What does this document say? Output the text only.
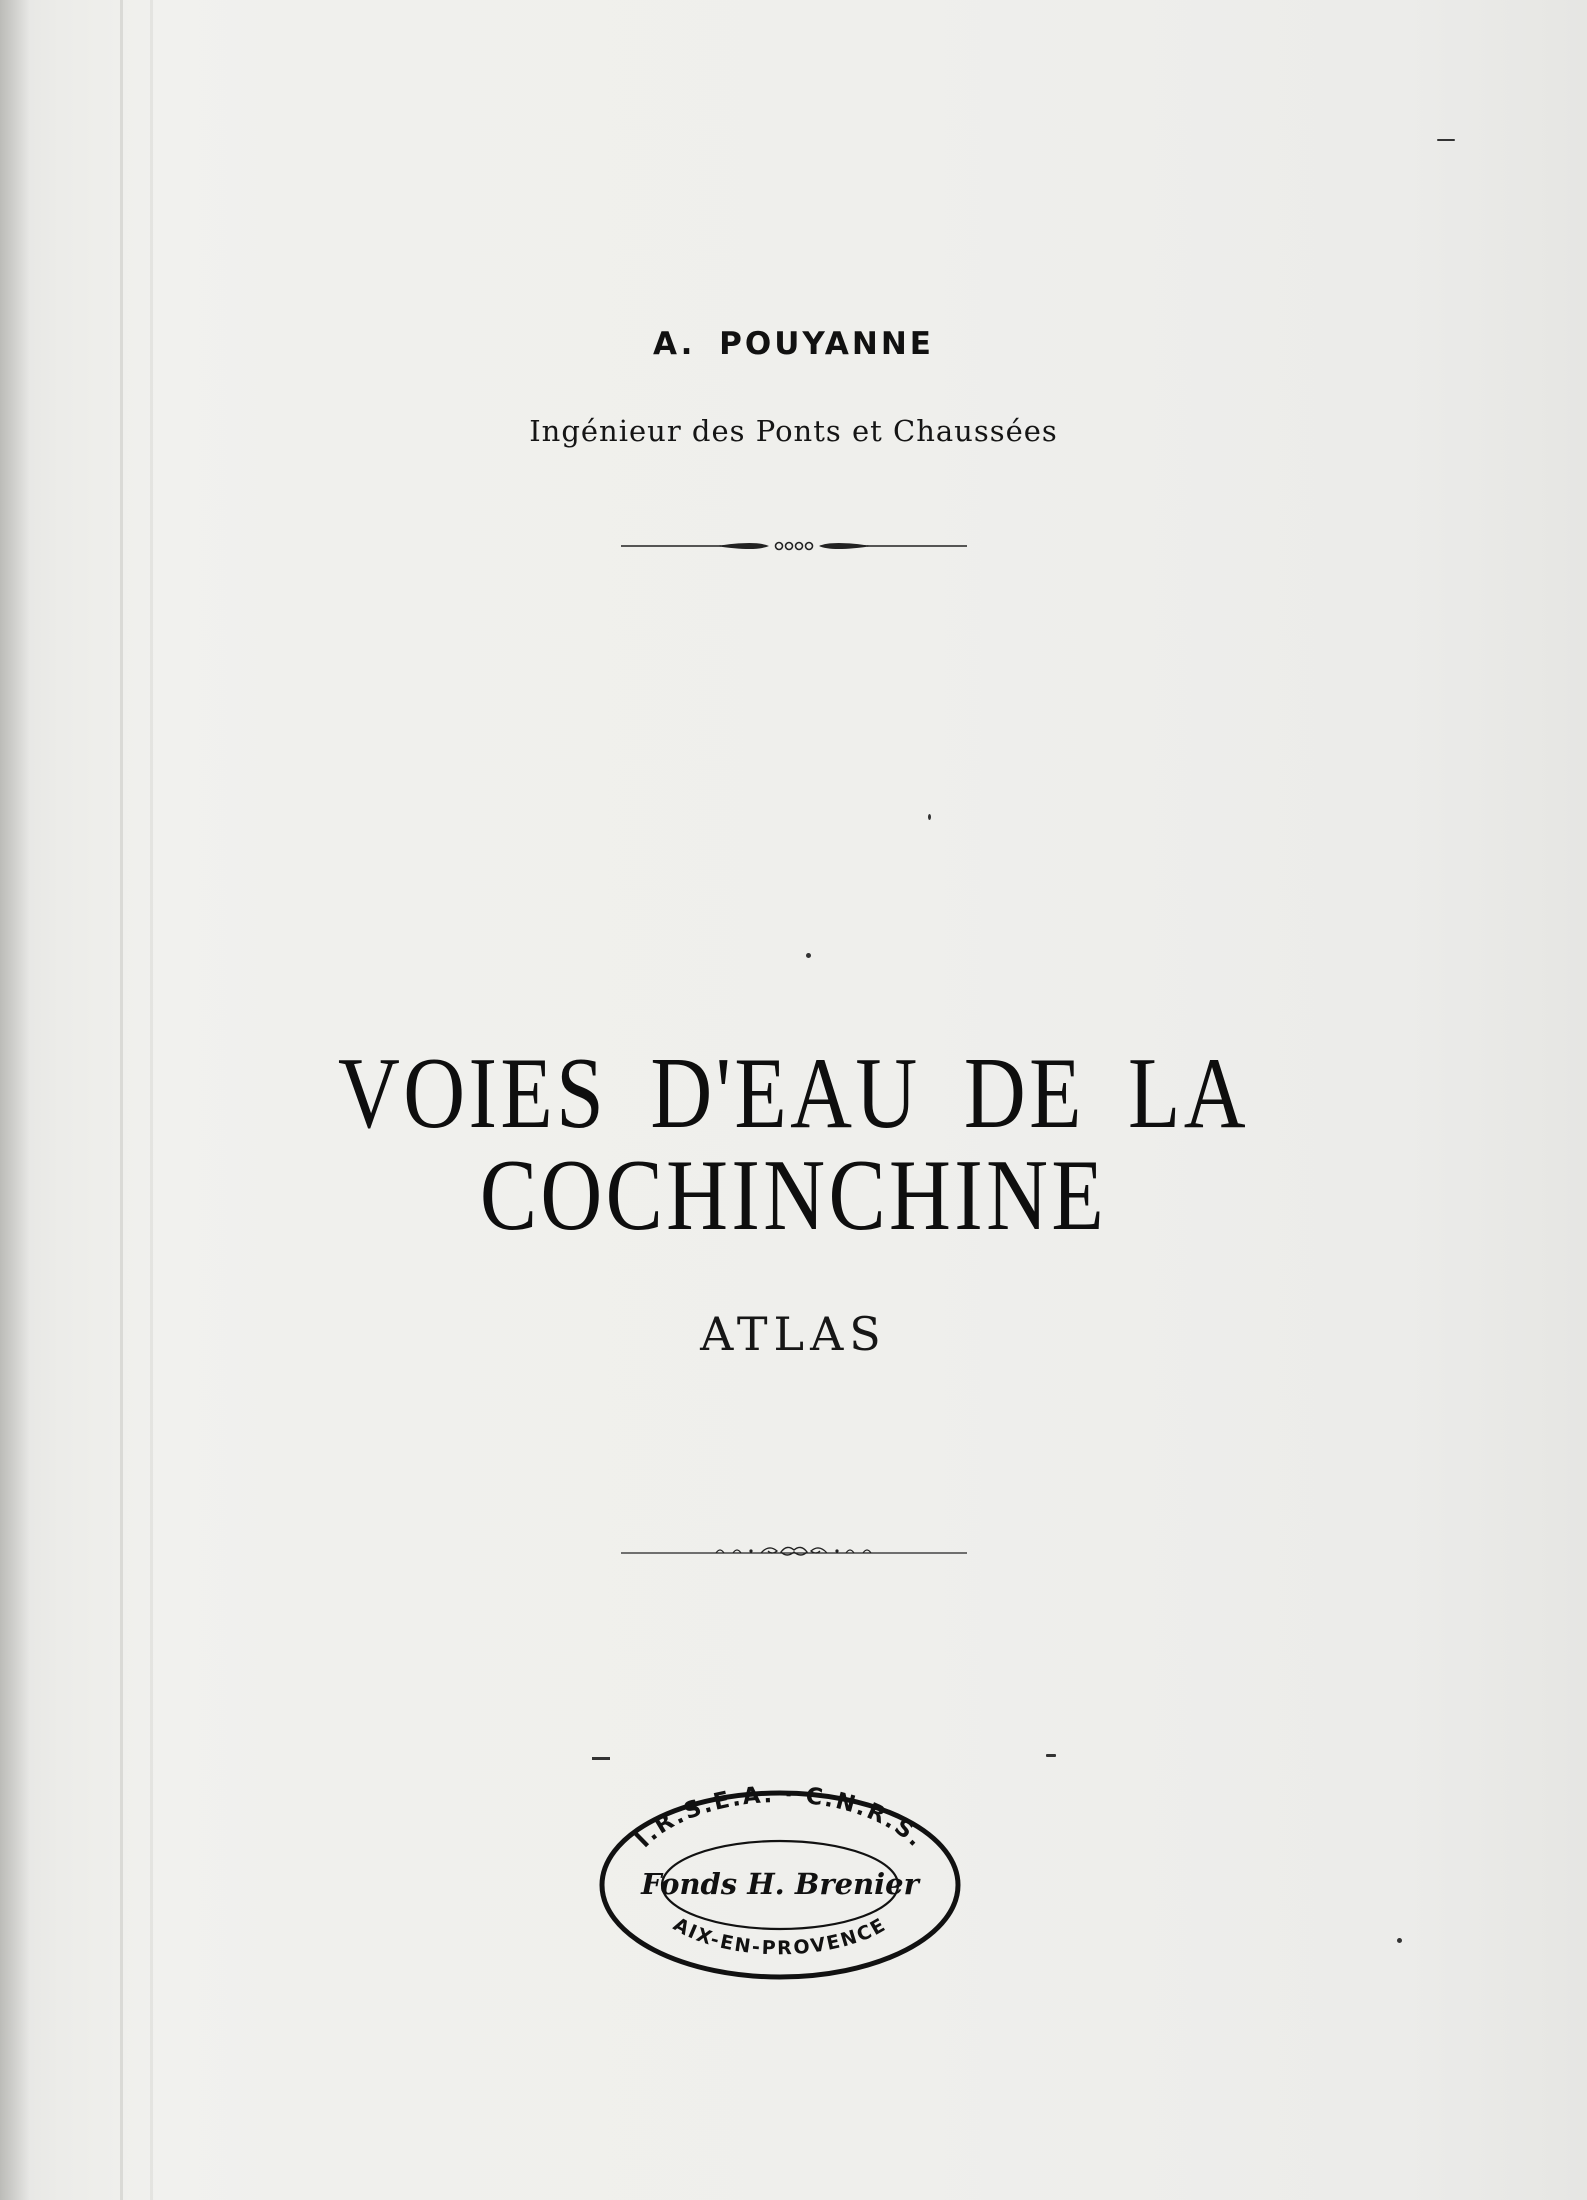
A. POUYANNE
Ingénieur des Ponts et Chaussées
VOIES D'EAU DE LA COCHINCHINE
ATLAS
I.R.S.E.A. · C.N.R.S.
Fonds H. Brenier
AIX-EN-PROVENCE
